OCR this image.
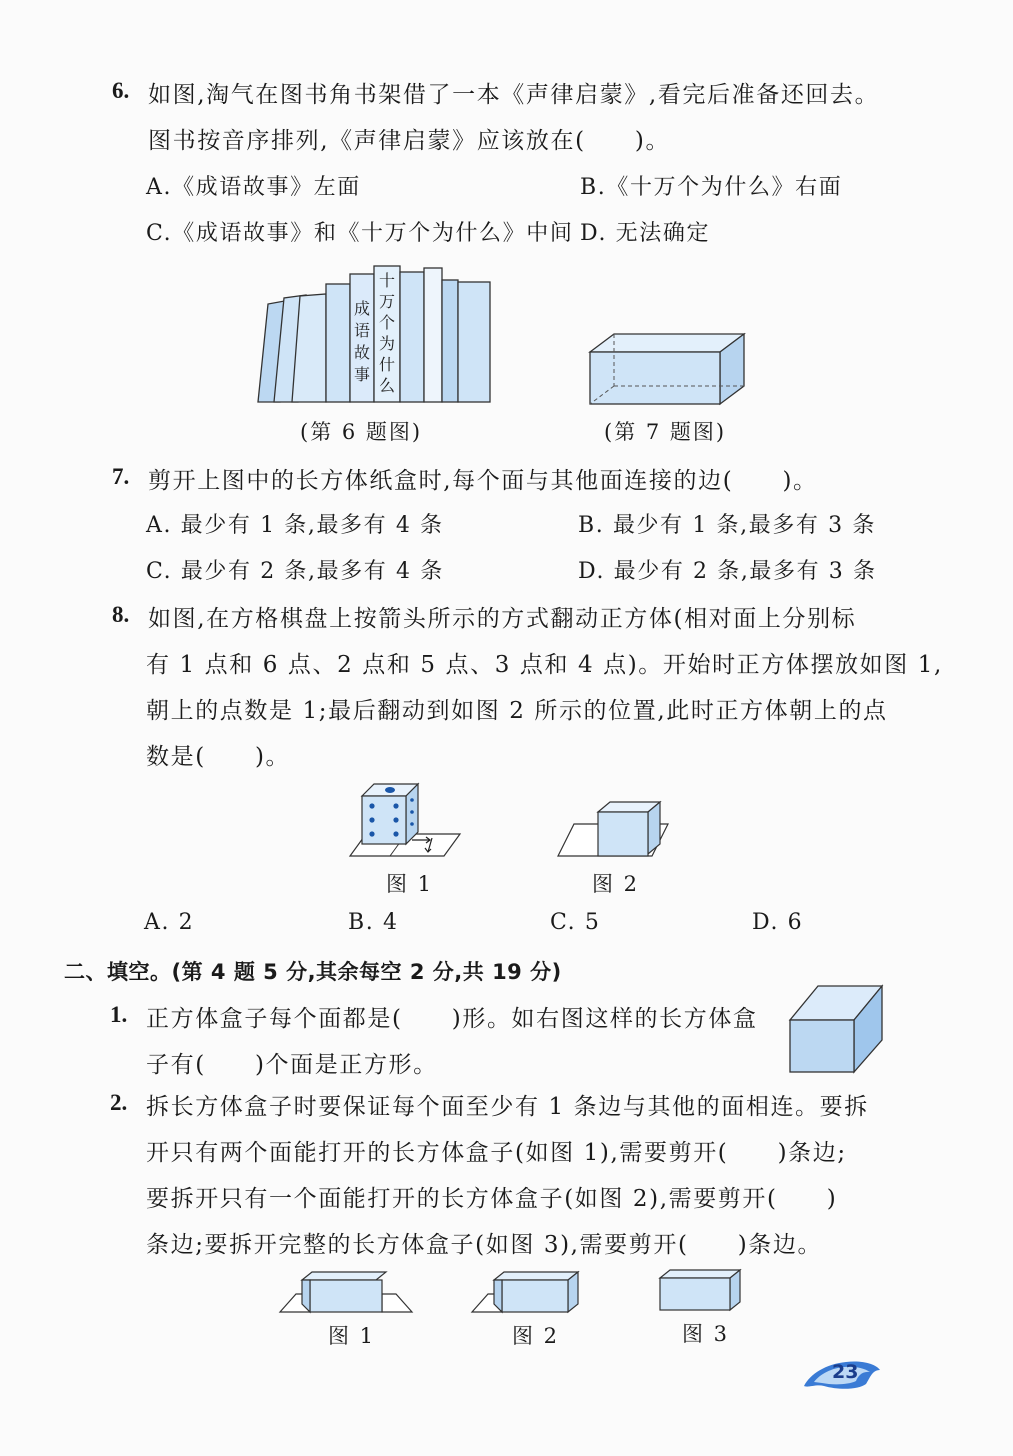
6. 如图,淘气在图书角书架借了一本《声律启蒙》,看完后准备还回去。
图书按音序排列,《声律启蒙》应该放在(　　)。
A.《成语故事》左面	B.《十万个为什么》右面
C.《成语故事》和《十万个为什么》中间 D. 无法确定
成语故事
十万个为什么
(第 6 题图)	(第 7 题图)
7. 剪开上图中的长方体纸盒时,每个面与其他面连接的边(　　)。
A. 最少有 1 条,最多有 4 条	B. 最少有 1 条,最多有 3 条
C. 最少有 2 条,最多有 4 条	D. 最少有 2 条,最多有 3 条
8. 如图,在方格棋盘上按箭头所示的方式翻动正方体(相对面上分别标
有 1 点和 6 点、2 点和 5 点、3 点和 4 点)。开始时正方体摆放如图 1,
朝上的点数是 1;最后翻动到如图 2 所示的位置,此时正方体朝上的点
数是(　　)。
图 1	图 2
A. 2	B. 4	C. 5	D. 6
二、填空。(第 4 题 5 分,其余每空 2 分,共 19 分)
1. 正方体盒子每个面都是(　　)形。如右图这样的长方体盒
子有(　　)个面是正方形。
2. 拆长方体盒子时要保证每个面至少有 1 条边与其他的面相连。要拆
开只有两个面能打开的长方体盒子(如图 1),需要剪开(　　)条边;
要拆开只有一个面能打开的长方体盒子(如图 2),需要剪开(　　)
条边;要拆开完整的长方体盒子(如图 3),需要剪开(　　)条边。
图 1	图 2	图 3
23
